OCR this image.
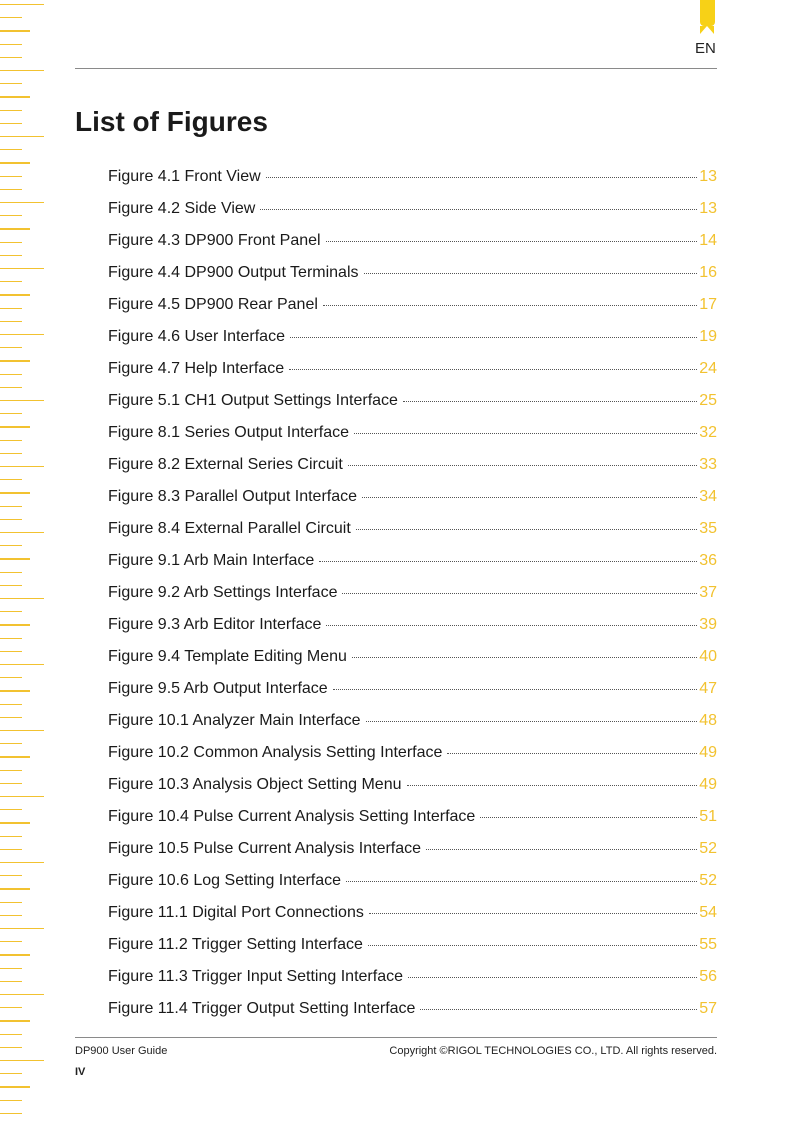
EN
List of Figures
Figure 4.1 Front View	13
Figure 4.2 Side View	13
Figure 4.3 DP900 Front Panel	14
Figure 4.4 DP900 Output Terminals	16
Figure 4.5 DP900 Rear Panel	17
Figure 4.6 User Interface	19
Figure 4.7 Help Interface	24
Figure 5.1 CH1 Output Settings Interface	25
Figure 8.1 Series Output Interface	32
Figure 8.2 External Series Circuit	33
Figure 8.3 Parallel Output Interface	34
Figure 8.4 External Parallel Circuit	35
Figure 9.1 Arb Main Interface	36
Figure 9.2 Arb Settings Interface	37
Figure 9.3 Arb Editor Interface	39
Figure 9.4 Template Editing Menu	40
Figure 9.5 Arb Output Interface	47
Figure 10.1 Analyzer Main Interface	48
Figure 10.2 Common Analysis Setting Interface	49
Figure 10.3 Analysis Object Setting Menu	49
Figure 10.4 Pulse Current Analysis Setting Interface	51
Figure 10.5 Pulse Current Analysis Interface	52
Figure 10.6 Log Setting Interface	52
Figure 11.1 Digital Port Connections	54
Figure 11.2 Trigger Setting Interface	55
Figure 11.3 Trigger Input Setting Interface	56
Figure 11.4 Trigger Output Setting Interface	57
DP900 User Guide	Copyright ©RIGOL TECHNOLOGIES CO., LTD. All rights reserved.
IV
